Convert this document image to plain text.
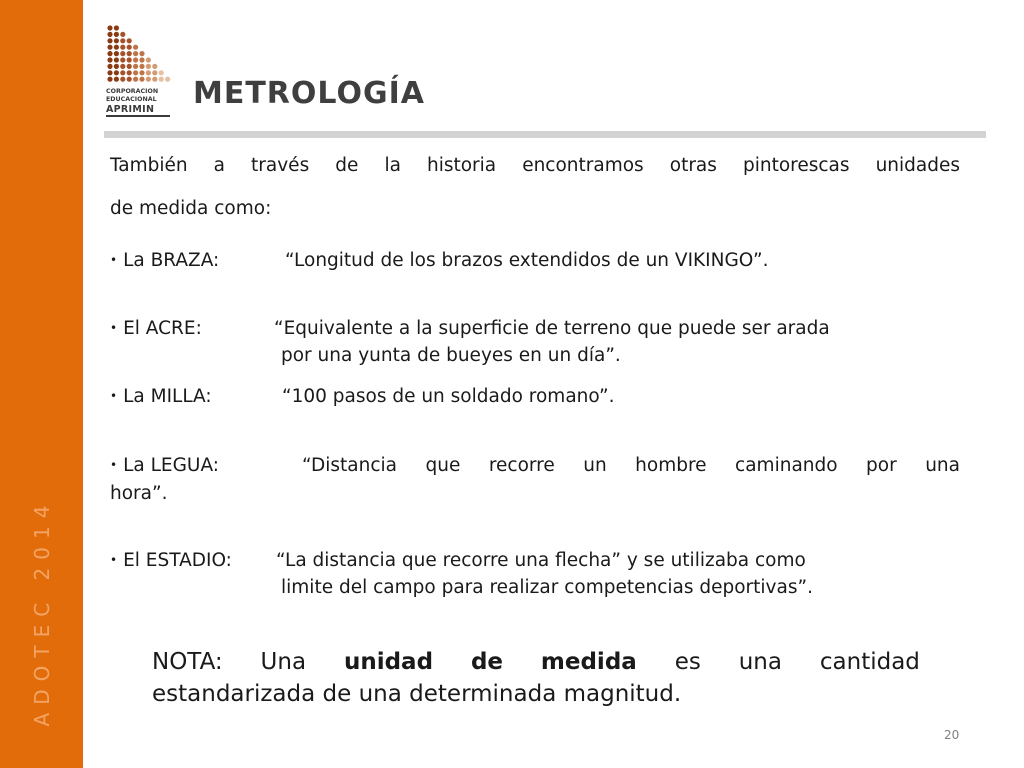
ADOTEC 2014
CORPORACION
EDUCACIONAL
APRIMIN	METROLOGÍA
También a través de la historia encontramos otras pintorescas unidades
de medida como:
• La BRAZA:	“Longitud de los brazos extendidos de un VIKINGO”.
• El ACRE:	“Equivalente a la superficie de terreno que puede ser arada
por una yunta de bueyes en un día”.
• La MILLA:	“100 pasos de un soldado romano”.
• La LEGUA:	“Distancia que recorre un hombre caminando por una
hora”.
• El ESTADIO: “La distancia que recorre una flecha” y se utilizaba como
limite del campo para realizar competencias deportivas”.
NOTA: Una unidad de medida es una cantidad
estandarizada de una determinada magnitud.
20
